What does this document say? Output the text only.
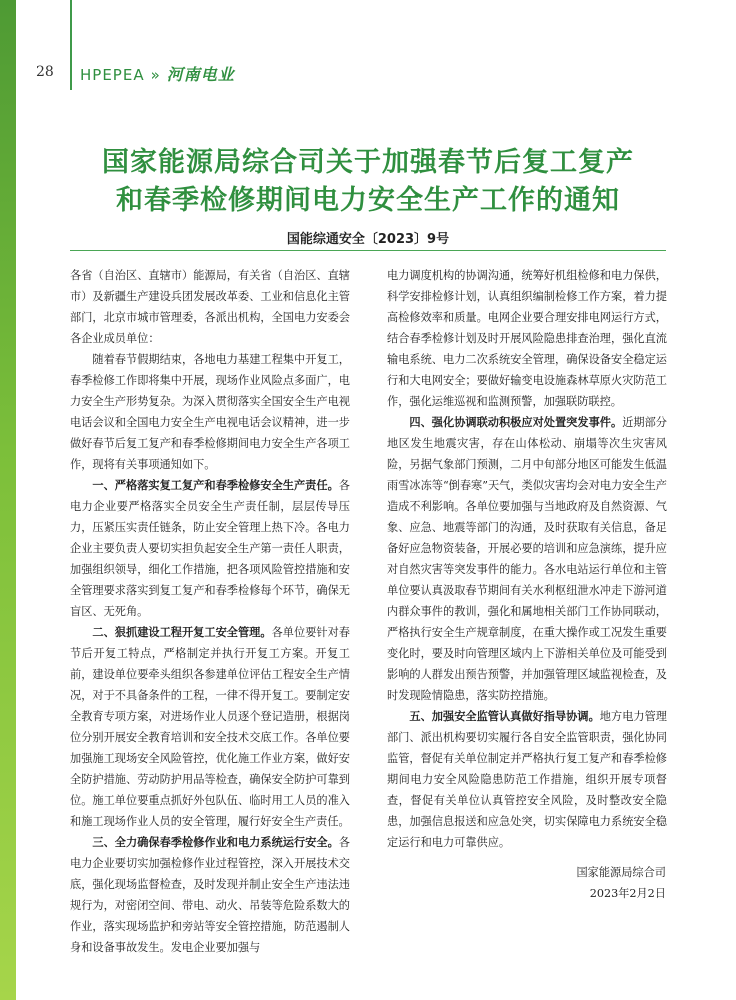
28 HPEPEA » 河南电业
国家能源局综合司关于加强春节后复工复产
和春季检修期间电力安全生产工作的通知
国能综通安全〔2023〕9号

各省（自治区、直辖市）能源局，有关省（自治区、直辖市）及新疆生产建设兵团发展改革委、工业和信息化主管部门，北京市城市管理委，各派出机构，全国电力安委会各企业成员单位：

随着春节假期结束，各地电力基建工程集中开复工，春季检修工作即将集中开展，现场作业风险点多面广，电力安全生产形势复杂。为深入贯彻落实全国安全生产电视电话会议和全国电力安全生产电视电话会议精神，进一步做好春节后复工复产和春季检修期间电力安全生产各项工作，现将有关事项通知如下。

一、严格落实复工复产和春季检修安全生产责任。各电力企业要严格落实全员安全生产责任制，层层传导压力，压紧压实责任链条，防止安全管理上热下冷。各电力企业主要负责人要切实担负起安全生产第一责任人职责，加强组织领导，细化工作措施，把各项风险管控措施和安全管理要求落实到复工复产和春季检修每个环节，确保无盲区、无死角。

二、狠抓建设工程开复工安全管理。各单位要针对春节后开复工特点，严格制定并执行开复工方案。开复工前，建设单位要牵头组织各参建单位评估工程安全生产情况，对于不具备条件的工程，一律不得开复工。要制定安全教育专项方案，对进场作业人员逐个登记造册，根据岗位分别开展安全教育培训和安全技术交底工作。各单位要加强施工现场安全风险管控，优化施工作业方案，做好安全防护措施、劳动防护用品等检查，确保安全防护可靠到位。施工单位要重点抓好外包队伍、临时用工人员的准入和施工现场作业人员的安全管理，履行好安全生产责任。

三、全力确保春季检修作业和电力系统运行安全。各电力企业要切实加强检修作业过程管控，深入开展技术交底，强化现场监督检查，及时发现并制止安全生产违法违规行为，对密闭空间、带电、动火、吊装等危险系数大的作业，落实现场监护和旁站等安全管控措施，防范遏制人身和设备事故发生。发电企业要加强与

电力调度机构的协调沟通，统筹好机组检修和电力保供，科学安排检修计划，认真组织编制检修工作方案，着力提高检修效率和质量。电网企业要合理安排电网运行方式，结合春季检修计划及时开展风险隐患排查治理，强化直流输电系统、电力二次系统安全管理，确保设备安全稳定运行和大电网安全；要做好输变电设施森林草原火灾防范工作，强化运维巡视和监测预警，加强联防联控。

四、强化协调联动积极应对处置突发事件。近期部分地区发生地震灾害，存在山体松动、崩塌等次生灾害风险，另据气象部门预测，二月中旬部分地区可能发生低温雨雪冰冻等“倒春寒”天气，类似灾害均会对电力安全生产造成不利影响。各单位要加强与当地政府及自然资源、气象、应急、地震等部门的沟通，及时获取有关信息，备足备好应急物资装备，开展必要的培训和应急演练，提升应对自然灾害等突发事件的能力。各水电站运行单位和主管单位要认真汲取春节期间有关水利枢纽泄水冲走下游河道内群众事件的教训，强化和属地相关部门工作协同联动，严格执行安全生产规章制度，在重大操作或工况发生重要变化时，要及时向管理区域内上下游相关单位及可能受到影响的人群发出预告预警，并加强管理区域监视检查，及时发现险情隐患，落实防控措施。

五、加强安全监管认真做好指导协调。地方电力管理部门、派出机构要切实履行各自安全监管职责，强化协同监管，督促有关单位制定并严格执行复工复产和春季检修期间电力安全风险隐患防范工作措施，组织开展专项督查，督促有关单位认真管控安全风险，及时整改安全隐患，加强信息报送和应急处突，切实保障电力系统安全稳定运行和电力可靠供应。

国家能源局综合司
2023年2月2日
